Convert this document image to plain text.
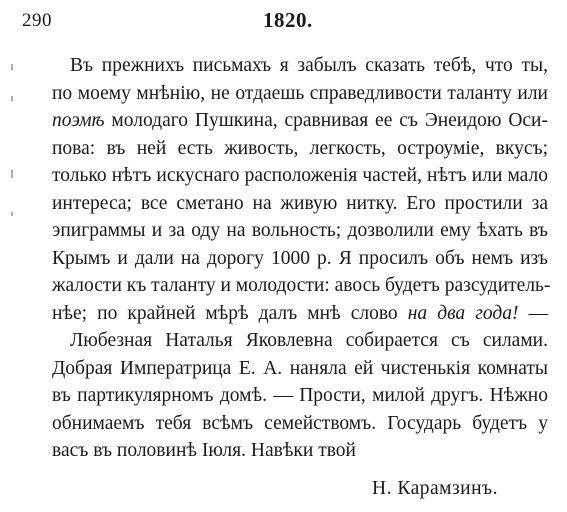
290	1820.
Въ прежнихъ письмахъ я забылъ сказать тебѣ, что ты,
по моему мнѣнію, не отдаешь справедливости таланту или
поэмѣ молодаго Пушкина, сравнивая ее съ Энеидою Оси-
пова: въ ней есть живость, легкость, остроуміе, вкусъ;
только нѣтъ искуснаго расположенія частей, нѣтъ или мало
интереса; все сметано на живую нитку. Его простили за
эпиграммы и за оду на вольность; дозволили ему ѣхать въ
Крымъ и дали на дорогу 1000 р. Я просилъ объ немъ изъ
жалости къ таланту и молодости: авось будетъ разсудитель-
нѣе; по крайней мѣрѣ далъ мнѣ слово на два года! —
Любезная Наталья Яковлевна собирается съ силами.
Добрая Императрица Е. А. наняла ей чистенькія комнаты
въ партикулярномъ домѣ. — Прости, милой другъ. Нѣжно
обнимаемъ тебя всѣмъ семействомъ. Государь будетъ у
васъ въ половинѣ Іюля. Навѣки твой
Н. Карамзинъ.
